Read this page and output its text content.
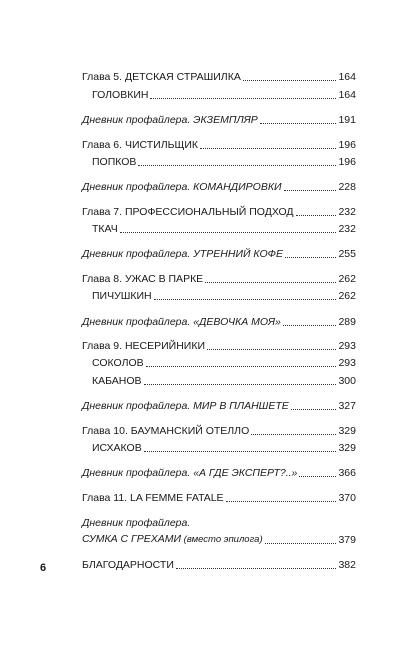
Глава 5. ДЕТСКАЯ СТРАШИЛКА	164
ГОЛОВКИН	164
Дневник профайлера. ЭКЗЕМПЛЯР	191
Глава 6. ЧИСТИЛЬЩИК	196
ПОПКОВ	196
Дневник профайлера. КОМАНДИРОВКИ	228
Глава 7. ПРОФЕССИОНАЛЬНЫЙ ПОДХОД	232
ТКАЧ	232
Дневник профайлера. УТРЕННИЙ КОФЕ	255
Глава 8. УЖАС В ПАРКЕ	262
ПИЧУШКИН	262
Дневник профайлера. «ДЕВОЧКА МОЯ»	289
Глава 9. НЕСЕРИЙНИКИ	293
СОКОЛОВ	293
КАБАНОВ	300
Дневник профайлера. МИР В ПЛАНШЕТЕ	327
Глава 10. БАУМАНСКИЙ ОТЕЛЛО	329
ИСХАКОВ	329
Дневник профайлера. «А ГДЕ ЭКСПЕРТ?..»	366
Глава 11. LA FEMME FATALE	370
Дневник профайлера.
СУМКА С ГРЕХАМИ (вместо эпилога)	379
БЛАГОДАРНОСТИ	382
6
